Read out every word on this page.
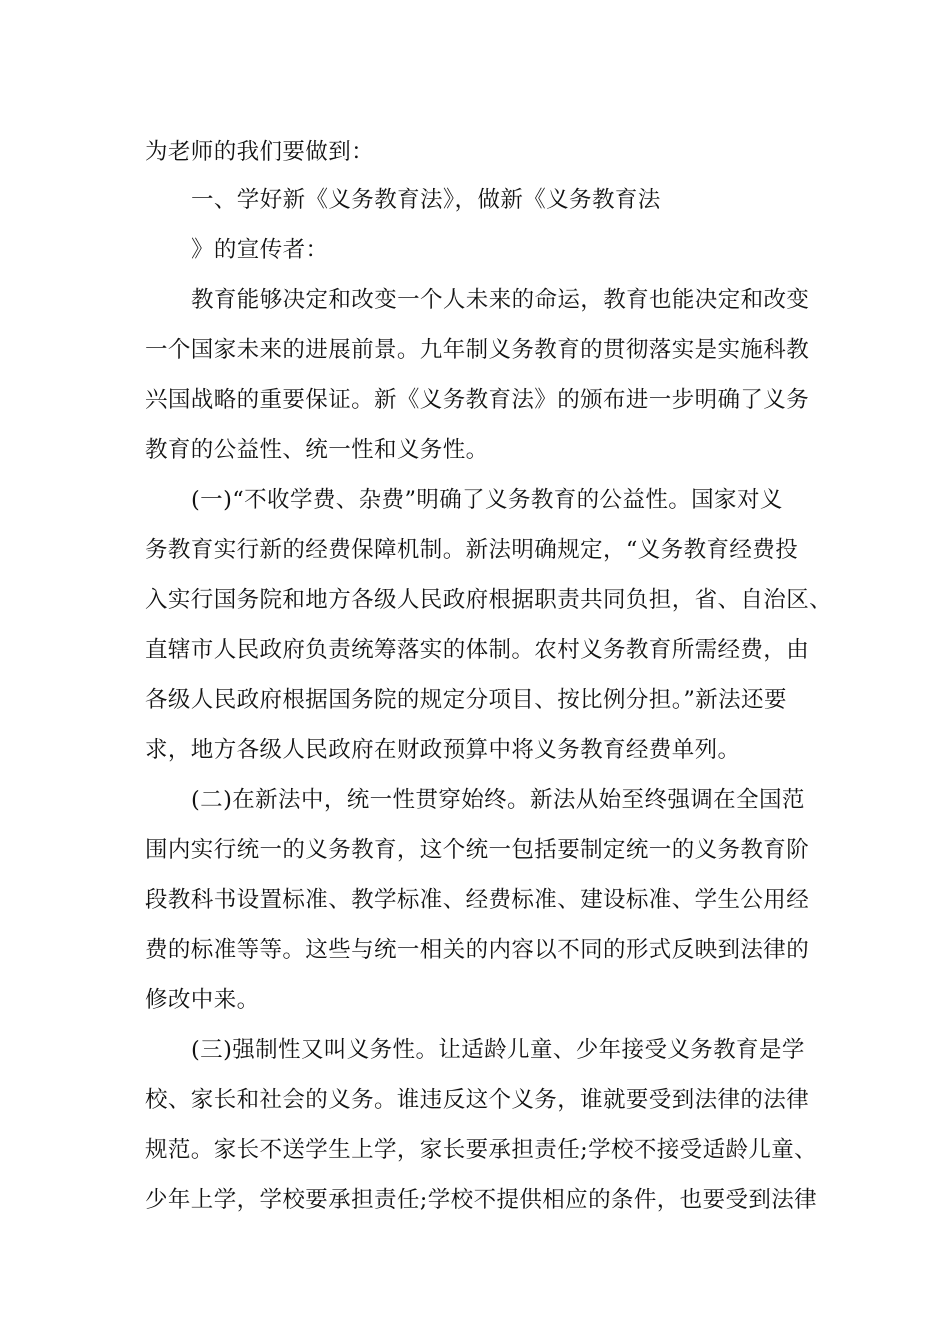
为老师的我们要做到：
一、学好新《义务教育法》，做新《义务教育法
》的宣传者：
教育能够决定和改变一个人未来的命运，教育也能决定和改变
一个国家未来的进展前景。九年制义务教育的贯彻落实是实施科教
兴国战略的重要保证。新《义务教育法》的颁布进一步明确了义务
教育的公益性、统一性和义务性。
(一)“不收学费、杂费”明确了义务教育的公益性。国家对义
务教育实行新的经费保障机制。新法明确规定，“义务教育经费投
入实行国务院和地方各级人民政府根据职责共同负担，省、自治区、
直辖市人民政府负责统筹落实的体制。农村义务教育所需经费，由
各级人民政府根据国务院的规定分项目、按比例分担。”新法还要
求，地方各级人民政府在财政预算中将义务教育经费单列。
(二)在新法中，统一性贯穿始终。新法从始至终强调在全国范
围内实行统一的义务教育，这个统一包括要制定统一的义务教育阶
段教科书设置标准、教学标准、经费标准、建设标准、学生公用经
费的标准等等。这些与统一相关的内容以不同的形式反映到法律的
修改中来。
(三)强制性又叫义务性。让适龄儿童、少年接受义务教育是学
校、家长和社会的义务。谁违反这个义务，谁就要受到法律的法律
规范。家长不送学生上学，家长要承担责任;学校不接受适龄儿童、
少年上学，学校要承担责任;学校不提供相应的条件，也要受到法律
